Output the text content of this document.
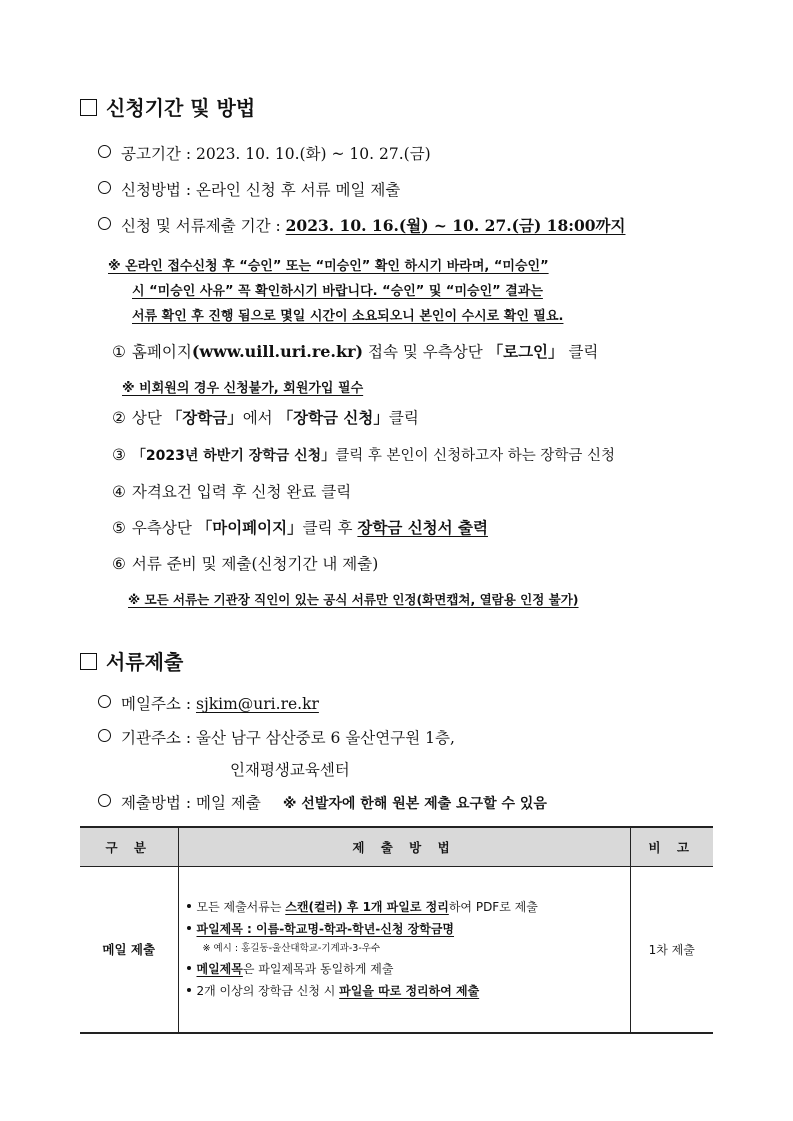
신청기간 및 방법
공고기간 : 2023. 10. 10.(화) ~ 10. 27.(금)
신청방법 : 온라인 신청 후 서류 메일 제출
신청 및 서류제출 기간 : 2023. 10. 16.(월) ~ 10. 27.(금) 18:00까지
※ 온라인 접수신청 후 “승인” 또는 “미승인” 확인 하시기 바라며, “미승인”
시 “미승인 사유” 꼭 확인하시기 바랍니다. “승인” 및 “미승인” 결과는
서류 확인 후 진행 됨으로 몇일 시간이 소요되오니 본인이 수시로 확인 필요.
① 홈페이지(www.uill.uri.re.kr) 접속 및 우측상단 「로그인」 클릭
※ 비회원의 경우 신청불가, 회원가입 필수
② 상단 「장학금」에서 「장학금 신청」클릭
③ 「2023년 하반기 장학금 신청」클릭 후 본인이 신청하고자 하는 장학금 신청
④ 자격요건 입력 후 신청 완료 클릭
⑤ 우측상단 「마이페이지」클릭 후 장학금 신청서 출력
⑥ 서류 준비 및 제출(신청기간 내 제출)
※ 모든 서류는 기관장 직인이 있는 공식 서류만 인정(화면캡쳐, 열람용 인정 불가)
서류제출
메일주소 : sjkim@uri.re.kr
기관주소 : 울산 남구 삼산중로 6 울산연구원 1층,
인재평생교육센터
제출방법 : 메일 제출 ※ 선발자에 한해 원본 제출 요구할 수 있음
구 분	제 출 방 법	비 고
메일 제출	모든 제출서류는 스캔(컬러) 후 1개 파일로 정리하여 PDF로 제출
파일제목 : 이름-학교명-학과-학년-신청 장학금명
※ 예시 : 홍길동-울산대학교-기계과-3-우수
메일제목은 파일제목과 동일하게 제출
2개 이상의 장학금 신청 시 파일을 따로 정리하여 제출	1차 제출
